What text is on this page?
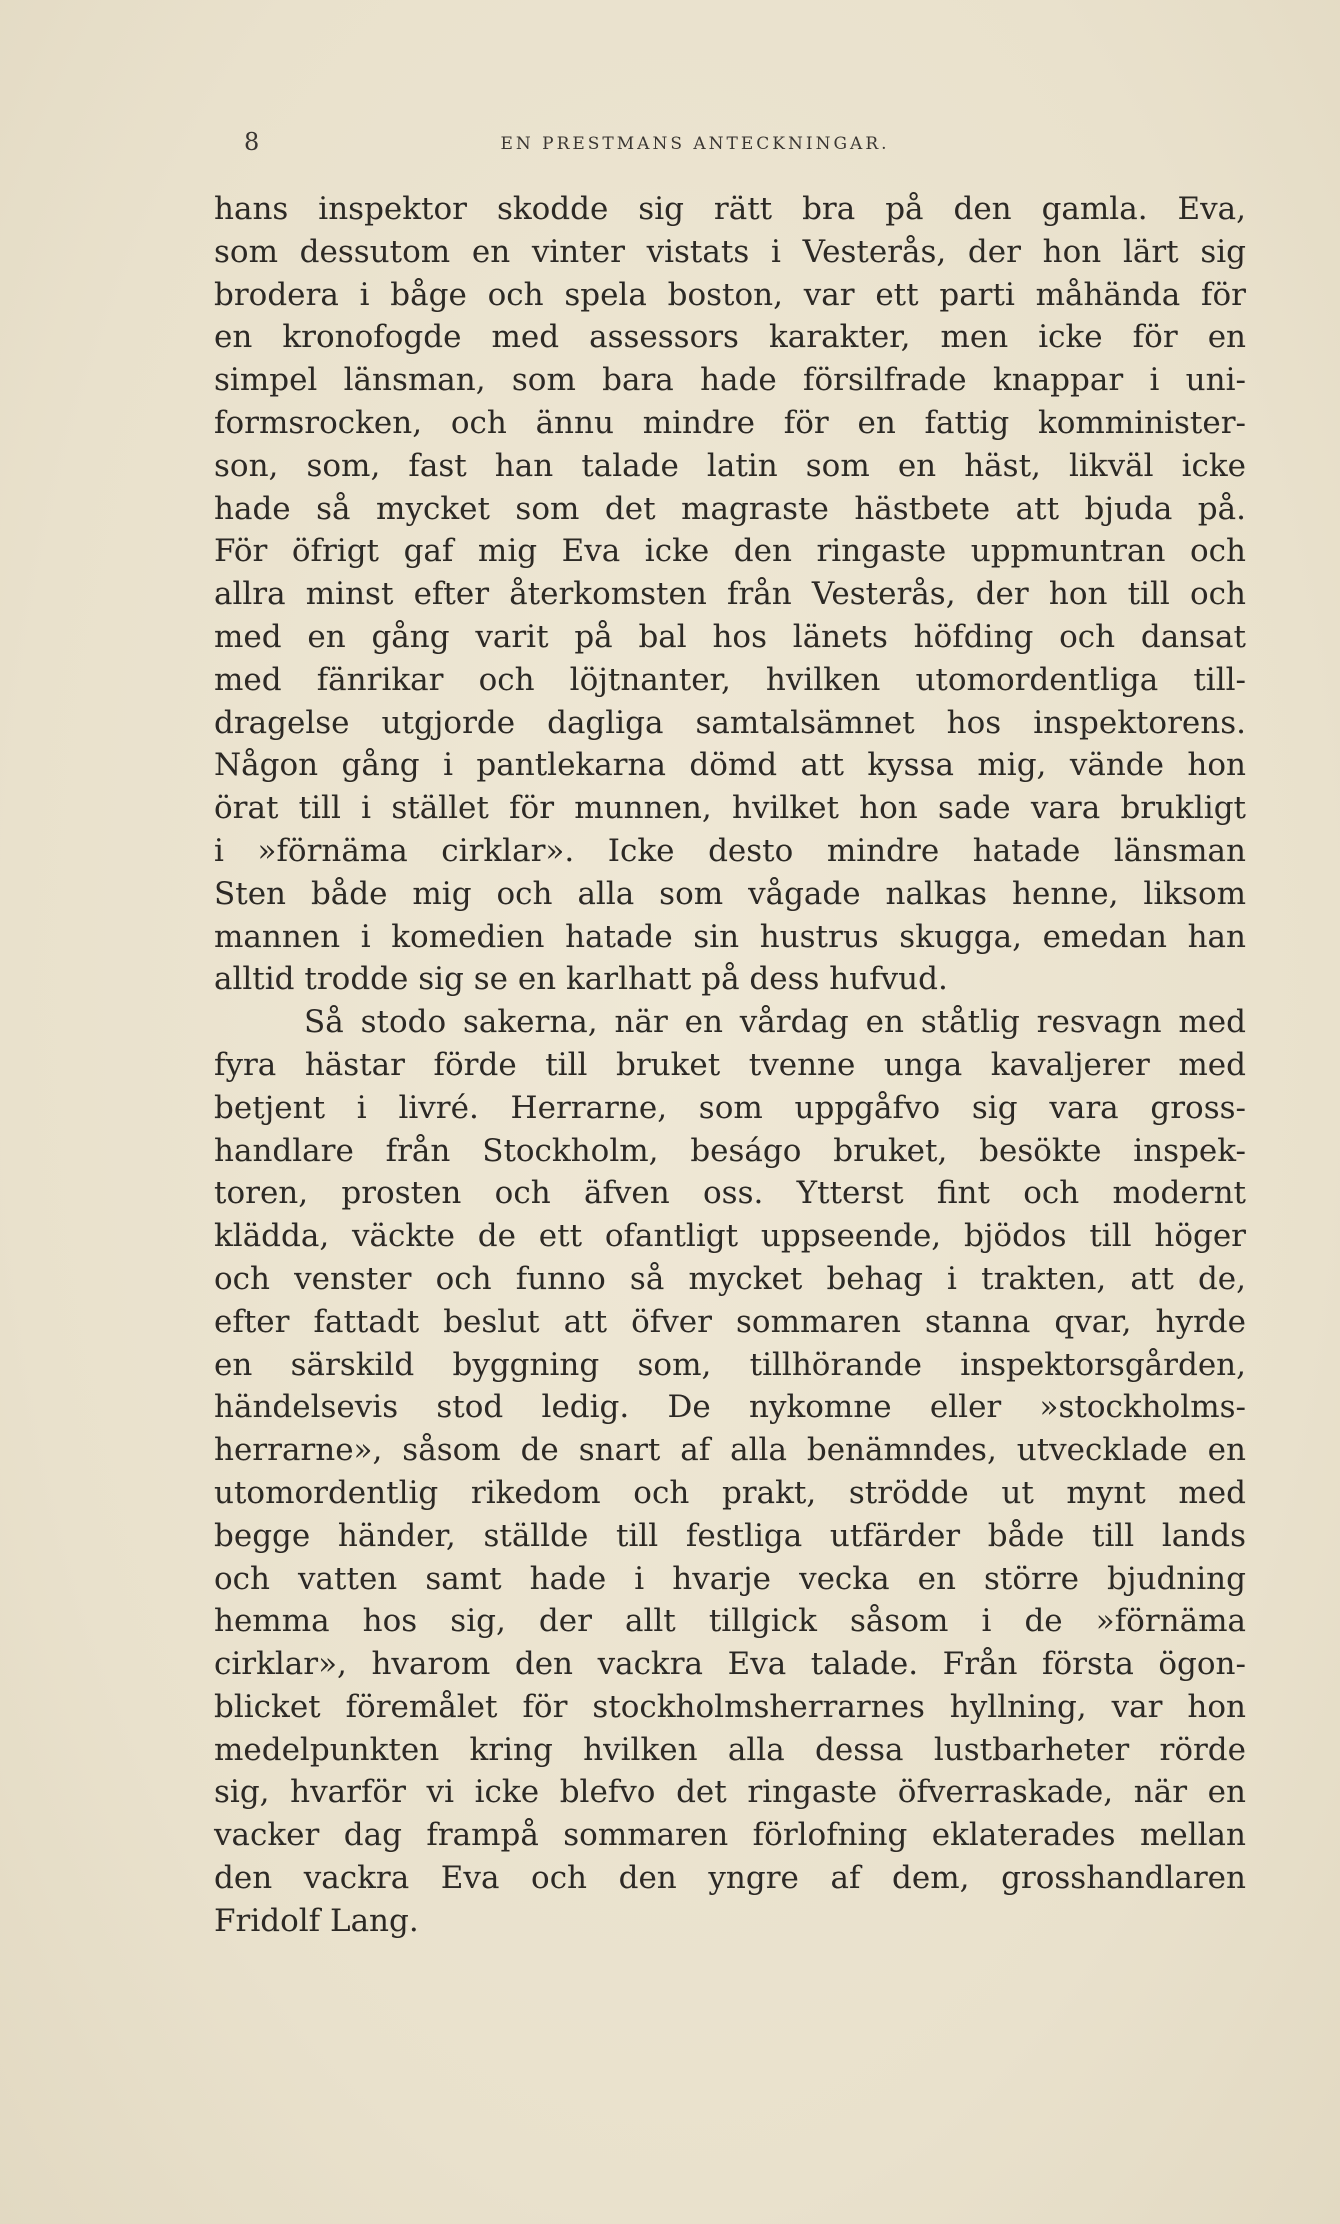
8	EN PRESTMANS ANTECKNINGAR.
hans inspektor skodde sig rätt bra på den gamla. Eva,
som dessutom en vinter vistats i Vesterås, der hon lärt sig
brodera i båge och spela boston, var ett parti måhända för
en kronofogde med assessors karakter, men icke för en
simpel länsman, som bara hade försilfrade knappar i uni-
formsrocken, och ännu mindre för en fattig komminister-
son, som, fast han talade latin som en häst, likväl icke
hade så mycket som det magraste hästbete att bjuda på.
För öfrigt gaf mig Eva icke den ringaste uppmuntran och
allra minst efter återkomsten från Vesterås, der hon till och
med en gång varit på bal hos länets höfding och dansat
med fänrikar och löjtnanter, hvilken utomordentliga till-
dragelse utgjorde dagliga samtalsämnet hos inspektorens.
Någon gång i pantlekarna dömd att kyssa mig, vände hon
örat till i stället för munnen, hvilket hon sade vara brukligt
i »förnäma cirklar». Icke desto mindre hatade länsman
Sten både mig och alla som vågade nalkas henne, liksom
mannen i komedien hatade sin hustrus skugga, emedan han
alltid trodde sig se en karlhatt på dess hufvud.
Så stodo sakerna, när en vårdag en ståtlig resvagn med
fyra hästar förde till bruket tvenne unga kavaljerer med
betjent i livré. Herrarne, som uppgåfvo sig vara gross-
handlare från Stockholm, beságo bruket, besökte inspek-
toren, prosten och äfven oss. Ytterst fint och modernt
klädda, väckte de ett ofantligt uppseende, bjödos till höger
och venster och funno så mycket behag i trakten, att de,
efter fattadt beslut att öfver sommaren stanna qvar, hyrde
en särskild byggning som, tillhörande inspektorsgården,
händelsevis stod ledig. De nykomne eller »stockholms-
herrarne», såsom de snart af alla benämndes, utvecklade en
utomordentlig rikedom och prakt, strödde ut mynt med
begge händer, ställde till festliga utfärder både till lands
och vatten samt hade i hvarje vecka en större bjudning
hemma hos sig, der allt tillgick såsom i de »förnäma
cirklar», hvarom den vackra Eva talade. Från första ögon-
blicket föremålet för stockholmsherrarnes hyllning, var hon
medelpunkten kring hvilken alla dessa lustbarheter rörde
sig, hvarför vi icke blefvo det ringaste öfverraskade, när en
vacker dag frampå sommaren förlofning eklaterades mellan
den vackra Eva och den yngre af dem, grosshandlaren
Fridolf Lang.
